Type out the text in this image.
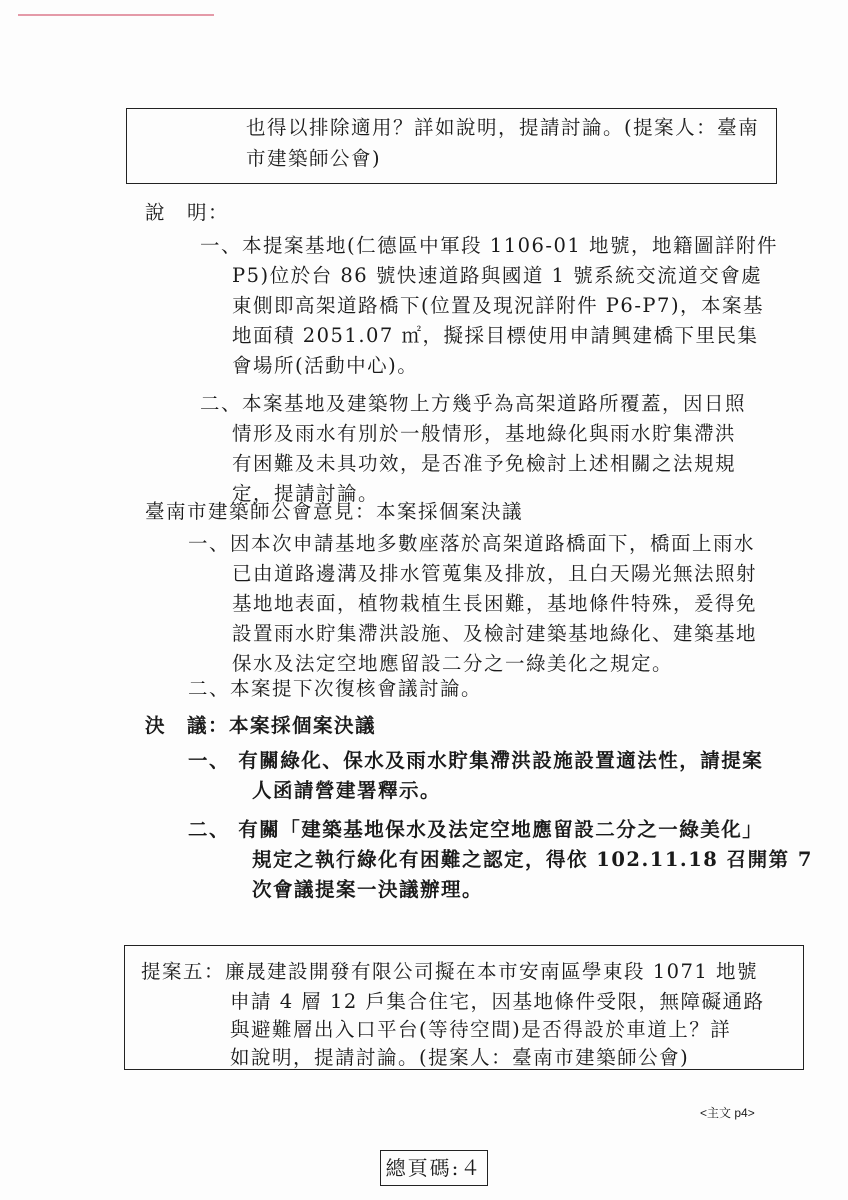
也得以排除適用？詳如說明，提請討論。(提案人：臺南
市建築師公會)
說　明：
一、本提案基地(仁德區中軍段 1106-01 地號，地籍圖詳附件
P5)位於台 86 號快速道路與國道 1 號系統交流道交會處
東側即高架道路橋下(位置及現況詳附件 P6-P7)，本案基
地面積 2051.07 ㎡，擬採目標使用申請興建橋下里民集
會場所(活動中心)。
二、本案基地及建築物上方幾乎為高架道路所覆蓋，因日照
情形及雨水有別於一般情形，基地綠化與雨水貯集滯洪
有困難及未具功效，是否准予免檢討上述相關之法規規
定，提請討論。
臺南市建築師公會意見：本案採個案決議
一、因本次申請基地多數座落於高架道路橋面下，橋面上雨水
已由道路邊溝及排水管蒐集及排放，且白天陽光無法照射
基地地表面，植物栽植生長困難，基地條件特殊，爰得免
設置雨水貯集滯洪設施、及檢討建築基地綠化、建築基地
保水及法定空地應留設二分之一綠美化之規定。
二、本案提下次復核會議討論。
決　議：本案採個案決議
一、 有關綠化、保水及雨水貯集滯洪設施設置適法性，請提案
人函請營建署釋示。
二、 有關「建築基地保水及法定空地應留設二分之一綠美化」
規定之執行綠化有困難之認定，得依 102.11.18 召開第 7
次會議提案一決議辦理。
提案五：廉晟建設開發有限公司擬在本市安南區學東段 1071 地號
申請 4 層 12 戶集合住宅，因基地條件受限，無障礙通路
與避難層出入口平台(等待空間)是否得設於車道上？詳
如說明，提請討論。(提案人：臺南市建築師公會)
<主文 p4>
總頁碼:４
